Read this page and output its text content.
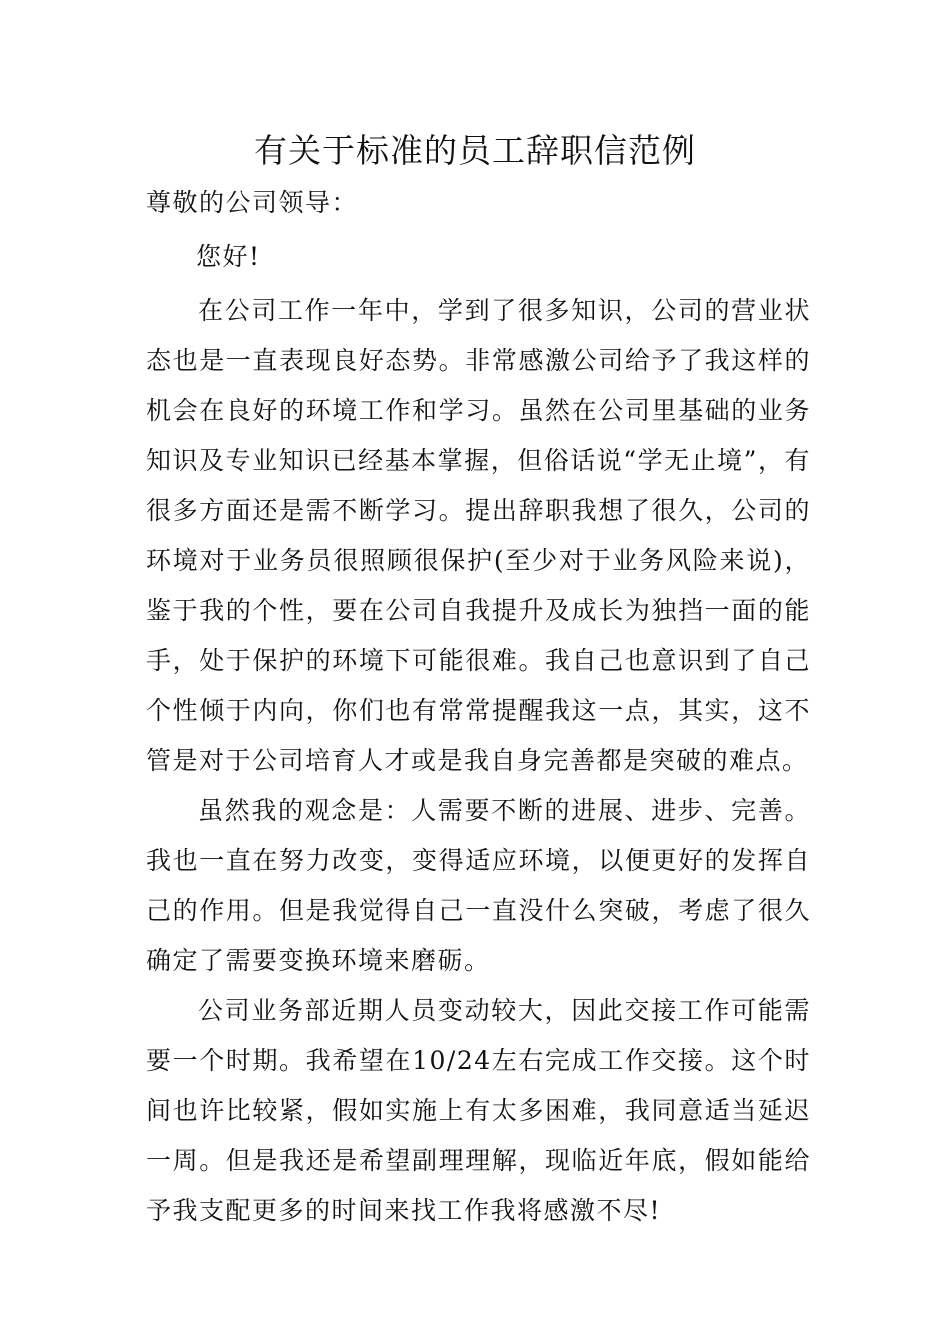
有关于标准的员工辞职信范例

尊敬的公司领导：

您好!

在公司工作一年中，学到了很多知识，公司的营业状态也是一直表现良好态势。非常感激公司给予了我这样的机会在良好的环境工作和学习。虽然在公司里基础的业务知识及专业知识已经基本掌握，但俗话说“学无止境”，有很多方面还是需不断学习。提出辞职我想了很久，公司的环境对于业务员很照顾很保护(至少对于业务风险来说)，鉴于我的个性，要在公司自我提升及成长为独挡一面的能手，处于保护的环境下可能很难。我自己也意识到了自己个性倾于内向，你们也有常常提醒我这一点，其实，这不管是对于公司培育人才或是我自身完善都是突破的难点。

虽然我的观念是：人需要不断的进展、进步、完善。我也一直在努力改变，变得适应环境，以便更好的发挥自己的作用。但是我觉得自己一直没什么突破，考虑了很久确定了需要变换环境来磨砺。

公司业务部近期人员变动较大，因此交接工作可能需要一个时期。我希望在10/24左右完成工作交接。这个时间也许比较紧，假如实施上有太多困难，我同意适当延迟一周。但是我还是希望副理理解，现临近年底，假如能给予我支配更多的时间来找工作我将感激不尽!
